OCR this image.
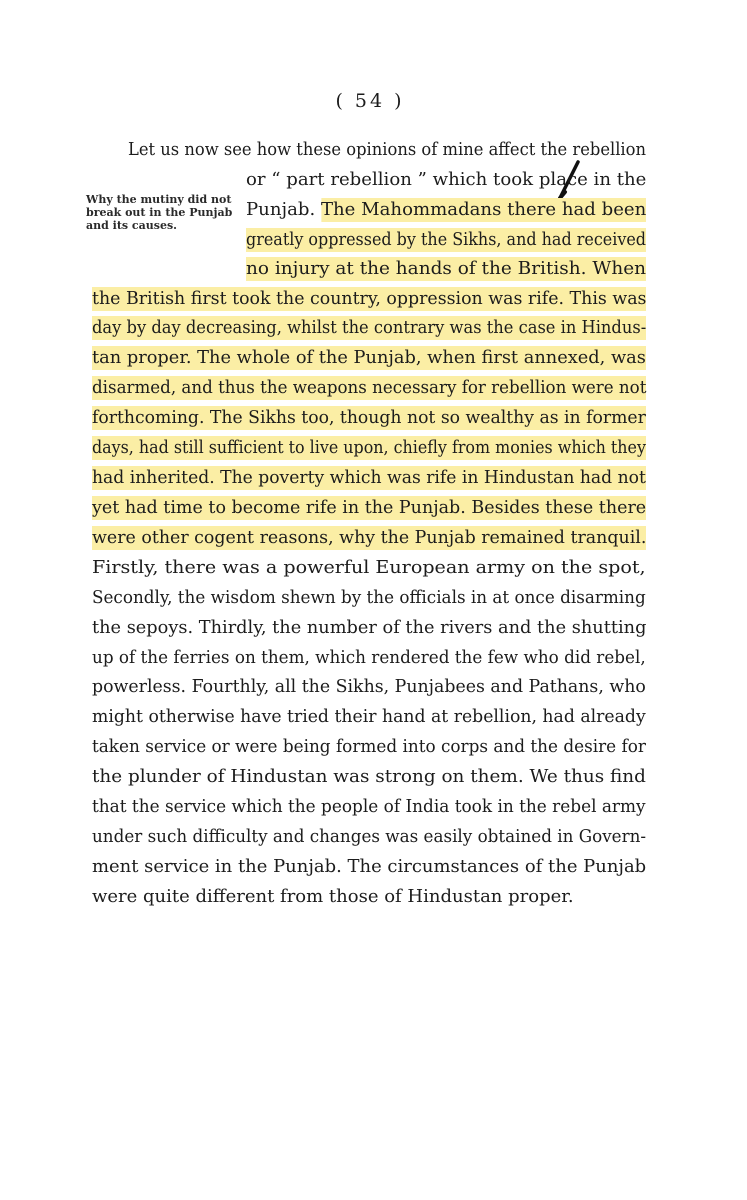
( 54 )
Why the mutiny did not break out in the Punjab and its causes.
Let us now see how these opinions of mine affect the rebellion
or “ part rebellion ” which took place in the
Punjab. The Mahommadans there had been
greatly oppressed by the Sikhs, and had received
no injury at the hands of the British. When
the British first took the country, oppression was rife. This was
day by day decreasing, whilst the contrary was the case in Hindus-
tan proper. The whole of the Punjab, when first annexed, was
disarmed, and thus the weapons necessary for rebellion were not
forthcoming. The Sikhs too, though not so wealthy as in former
days, had still sufficient to live upon, chiefly from monies which they
had inherited. The poverty which was rife in Hindustan had not
yet had time to become rife in the Punjab. Besides these there
were other cogent reasons, why the Punjab remained tranquil.
Firstly, there was a powerful European army on the spot,
Secondly, the wisdom shewn by the officials in at once disarming
the sepoys. Thirdly, the number of the rivers and the shutting
up of the ferries on them, which rendered the few who did rebel,
powerless. Fourthly, all the Sikhs, Punjabees and Pathans, who
might otherwise have tried their hand at rebellion, had already
taken service or were being formed into corps and the desire for
the plunder of Hindustan was strong on them. We thus find
that the service which the people of India took in the rebel army
under such difficulty and changes was easily obtained in Govern-
ment service in the Punjab. The circumstances of the Punjab
were quite different from those of Hindustan proper.
